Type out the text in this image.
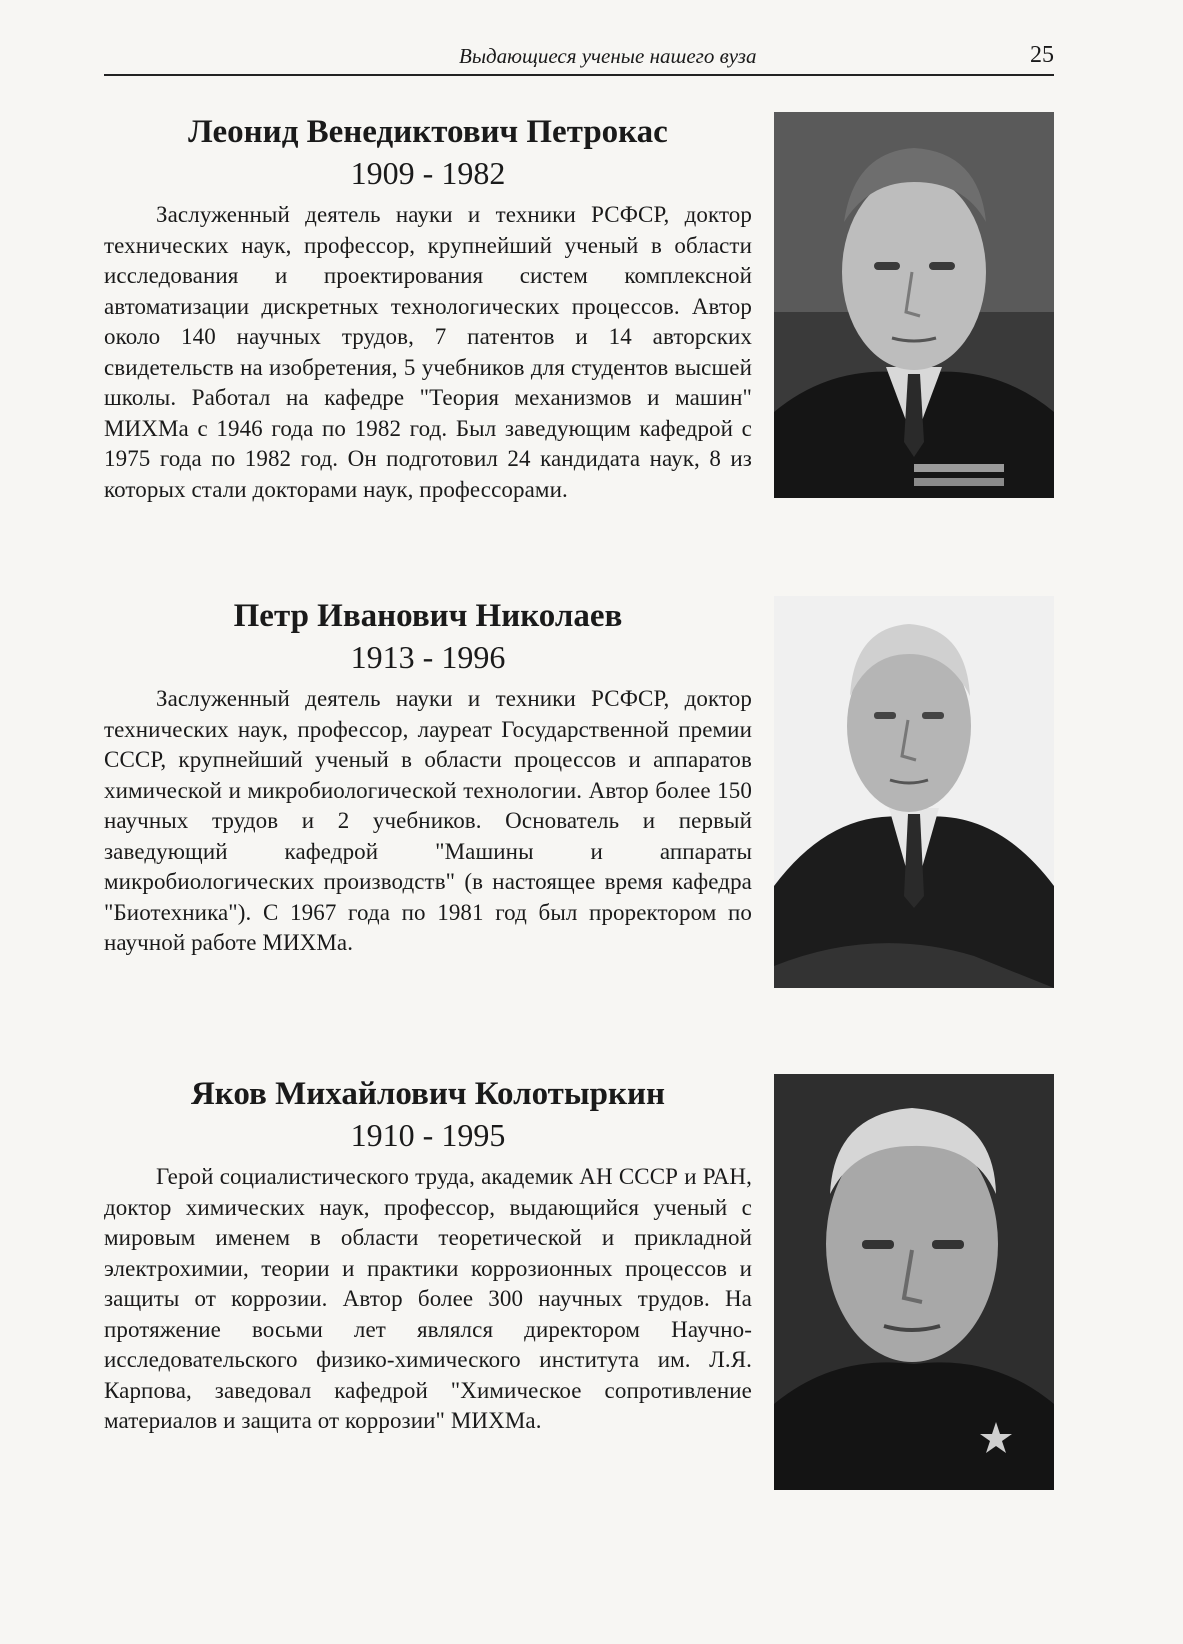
Выдающиеся ученые нашего вуза	25
Леонид Венедиктович Петрокас
1909 - 1982

Заслуженный деятель науки и техники РСФСР, доктор технических наук, профессор, крупнейший ученый в области исследования и проектирования систем комплексной автоматизации дискретных технологических процессов. Автор около 140 научных трудов, 7 патентов и 14 авторских свидетельств на изобретения, 5 учебников для студентов высшей школы. Работал на кафедре "Теория механизмов и машин" МИХМа с 1946 года по 1982 год. Был заведующим кафедрой с 1975 года по 1982 год. Он подготовил 24 кандидата наук, 8 из которых стали докторами наук, профессорами.

Петр Иванович Николаев
1913 - 1996

Заслуженный деятель науки и техники РСФСР, доктор технических наук, профессор, лауреат Государственной премии СССР, крупнейший ученый в области процессов и аппаратов химической и микробиологической технологии. Автор более 150 научных трудов и 2 учебников. Основатель и первый заведующий кафедрой "Машины и аппараты микробиологических производств" (в настоящее время кафедра "Биотехника"). С 1967 года по 1981 год был проректором по научной работе МИХМа.

Яков Михайлович Колотыркин
1910 - 1995

Герой социалистического труда, академик АН СССР и РАН, доктор химических наук, профессор, выдающийся ученый с мировым именем в области теоретической и прикладной электрохимии, теории и практики коррозионных процессов и защиты от коррозии. Автор более 300 научных трудов. На протяжение восьми лет являлся директором Научно-исследовательского физико-химического института им. Л.Я. Карпова, заведовал кафедрой "Химическое сопротивление материалов и защита от коррозии" МИХМа.
